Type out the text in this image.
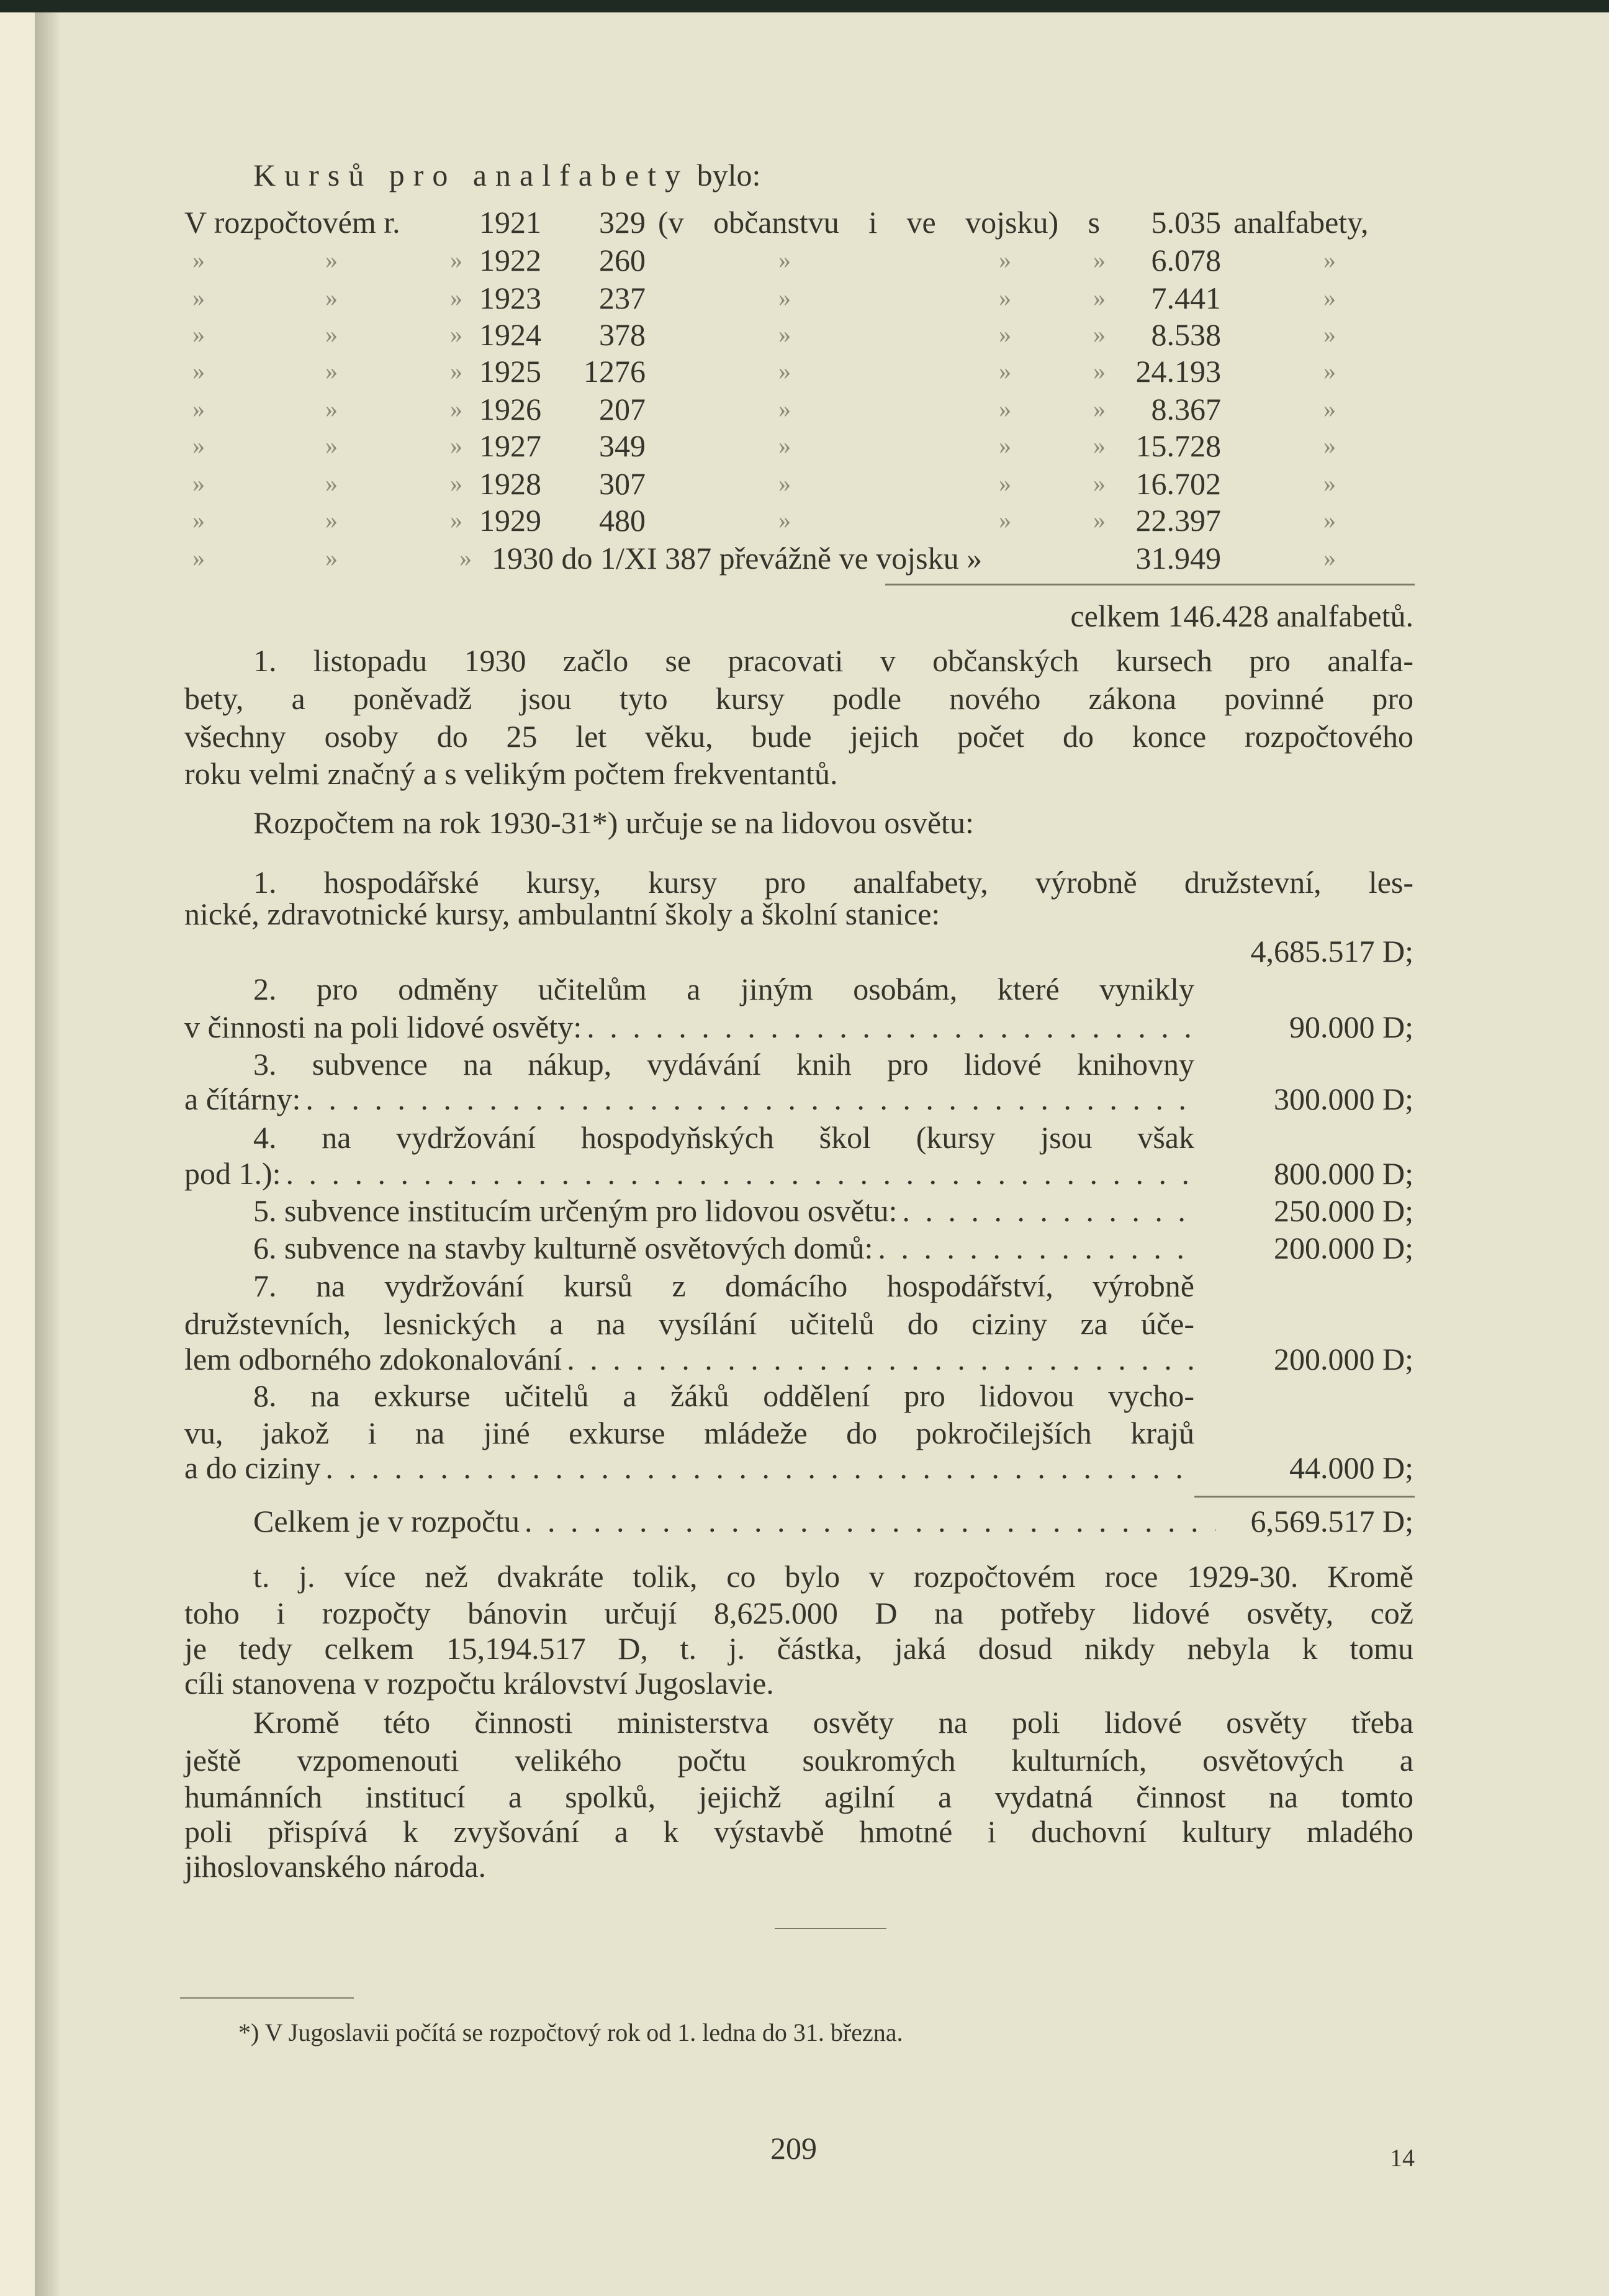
Kursů pro analfabety bylo:
V rozpočtovém r.	1921	329 (v občanstvu i ve vojsku) s	5.035 analfabety,
»	»	» 1922	260	»	»	»	6.078	»
»	»	» 1923	237	»	»	»	7.441	»
»	»	» 1924	378	»	»	»	8.538	»
»	»	» 1925	1276	»	»	» 24.193	»
»	»	» 1926	207	»	»	»	8.367	»
»	»	» 1927	349	»	»	» 15.728	»
»	»	» 1928	307	»	»	» 16.702	»
»	»	» 1929	480	»	»	» 22.397	»
»	»	» 1930 do 1/XI 387 převážně ve vojsku »	31.949	»
celkem 146.428 analfabetů.
1. listopadu 1930 začlo se pracovati v občanských kursech pro analfa-
bety, a poněvadž jsou tyto kursy podle nového zákona povinné pro
všechny osoby do 25 let věku, bude jejich počet do konce rozpočtového
roku velmi značný a s velikým počtem frekventantů.
Rozpočtem na rok 1930-31*) určuje se na lidovou osvětu:
1. hospodářské kursy, kursy pro analfabety, výrobně družstevní, les-
nické, zdravotnické kursy, ambulantní školy a školní stanice:
4,685.517 D;
2. pro odměny učitelům a jiným osobám, které vynikly
v činnosti na poli lidové osvěty: . . .	90.000 D;
3. subvence na nákup, vydávání knih pro lidové knihovny
a čítárny: . . .	300.000 D;
4. na vydržování hospodyňských škol (kursy jsou však
pod 1.): . . .	800.000 D;
5. subvence institucím určeným pro lidovou osvětu: . . .	250.000 D;
6. subvence na stavby kulturně osvětových domů: . . .	200.000 D;
7. na vydržování kursů z domácího hospodářství, výrobně
družstevních, lesnických a na vysílání učitelů do ciziny za úče-
lem odborného zdokonalování . . .	200.000 D;
8. na exkurse učitelů a žáků oddělení pro lidovou vycho-
vu, jakož i na jiné exkurse mládeže do pokročilejších krajů
a do ciziny . . .	44.000 D;
Celkem je v rozpočtu . . .	6,569.517 D;
t. j. více než dvakráte tolik, co bylo v rozpočtovém roce 1929-30. Kromě
toho i rozpočty bánovin určují 8,625.000 D na potřeby lidové osvěty, což
je tedy celkem 15,194.517 D, t. j. částka, jaká dosud nikdy nebyla k tomu
cíli stanovena v rozpočtu království Jugoslavie.
Kromě této činnosti ministerstva osvěty na poli lidové osvěty třeba
ještě vzpomenouti velikého počtu soukromých kulturních, osvětových a
humánních institucí a spolků, jejichž agilní a vydatná činnost na tomto
poli přispívá k zvyšování a k výstavbě hmotné i duchovní kultury mladého
jihoslovanského národa.
*) V Jugoslavii počítá se rozpočtový rok od 1. ledna do 31. března.
209	14
